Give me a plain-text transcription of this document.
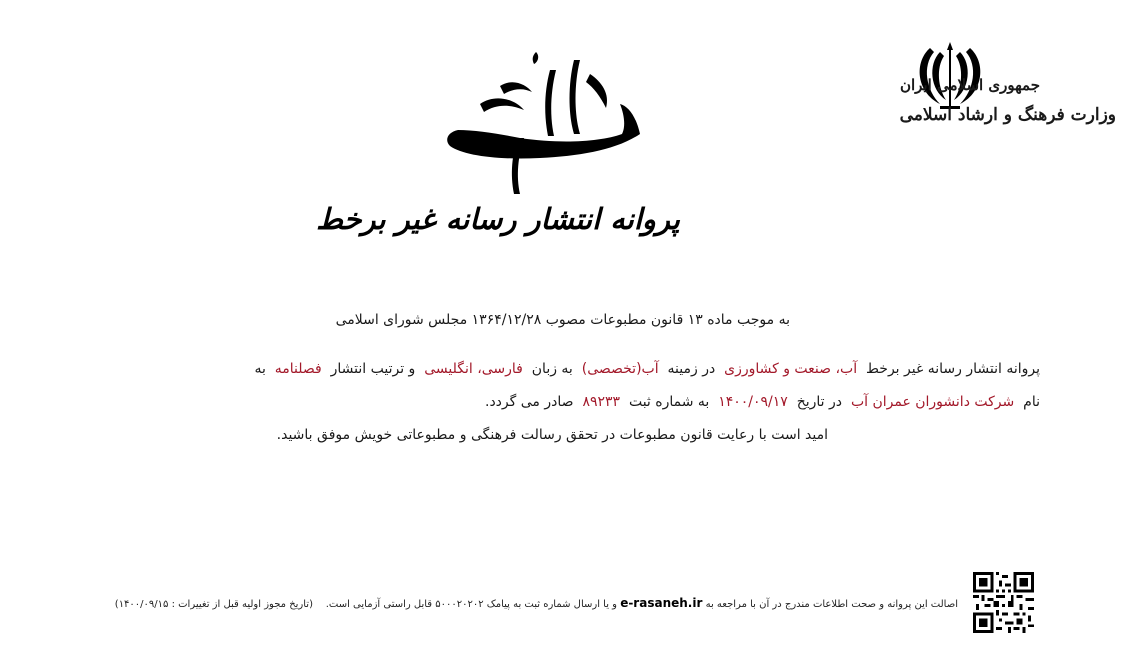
جمهوری اسلامی ایران
وزارت فرهنگ و ارشاد اسلامی
پروانه انتشار رسانه غیر برخط
به موجب ماده ۱۳ قانون مطبوعات مصوب ۱۳۶۴/۱۲/۲۸ مجلس شورای اسلامی
پروانه انتشار رسانه غیر برخط  آب، صنعت و کشاورزی  در زمینه  آب(تخصصی)  به زبان  فارسی، انگلیسی  و ترتیب انتشار  فصلنامه  به نام  شرکت دانشوران عمران آب  در تاریخ  ۱۴۰۰/۰۹/۱۷  به شماره ثبت  ۸۹۲۳۳  صادر می گردد.
امید است با رعایت قانون مطبوعات در تحقق رسالت فرهنگی و مطبوعاتی خویش موفق باشید.
اصالت این پروانه و صحت اطلاعات مندرج در آن با مراجعه به e-rasaneh.ir و یا ارسال شماره ثبت به پیامک ۵۰۰۰۲۰۲۰۲ قابل راستی آزمایی است.    (تاریخ مجوز اولیه قبل از تغییرات : ۱۴۰۰/۰۹/۱۵)
